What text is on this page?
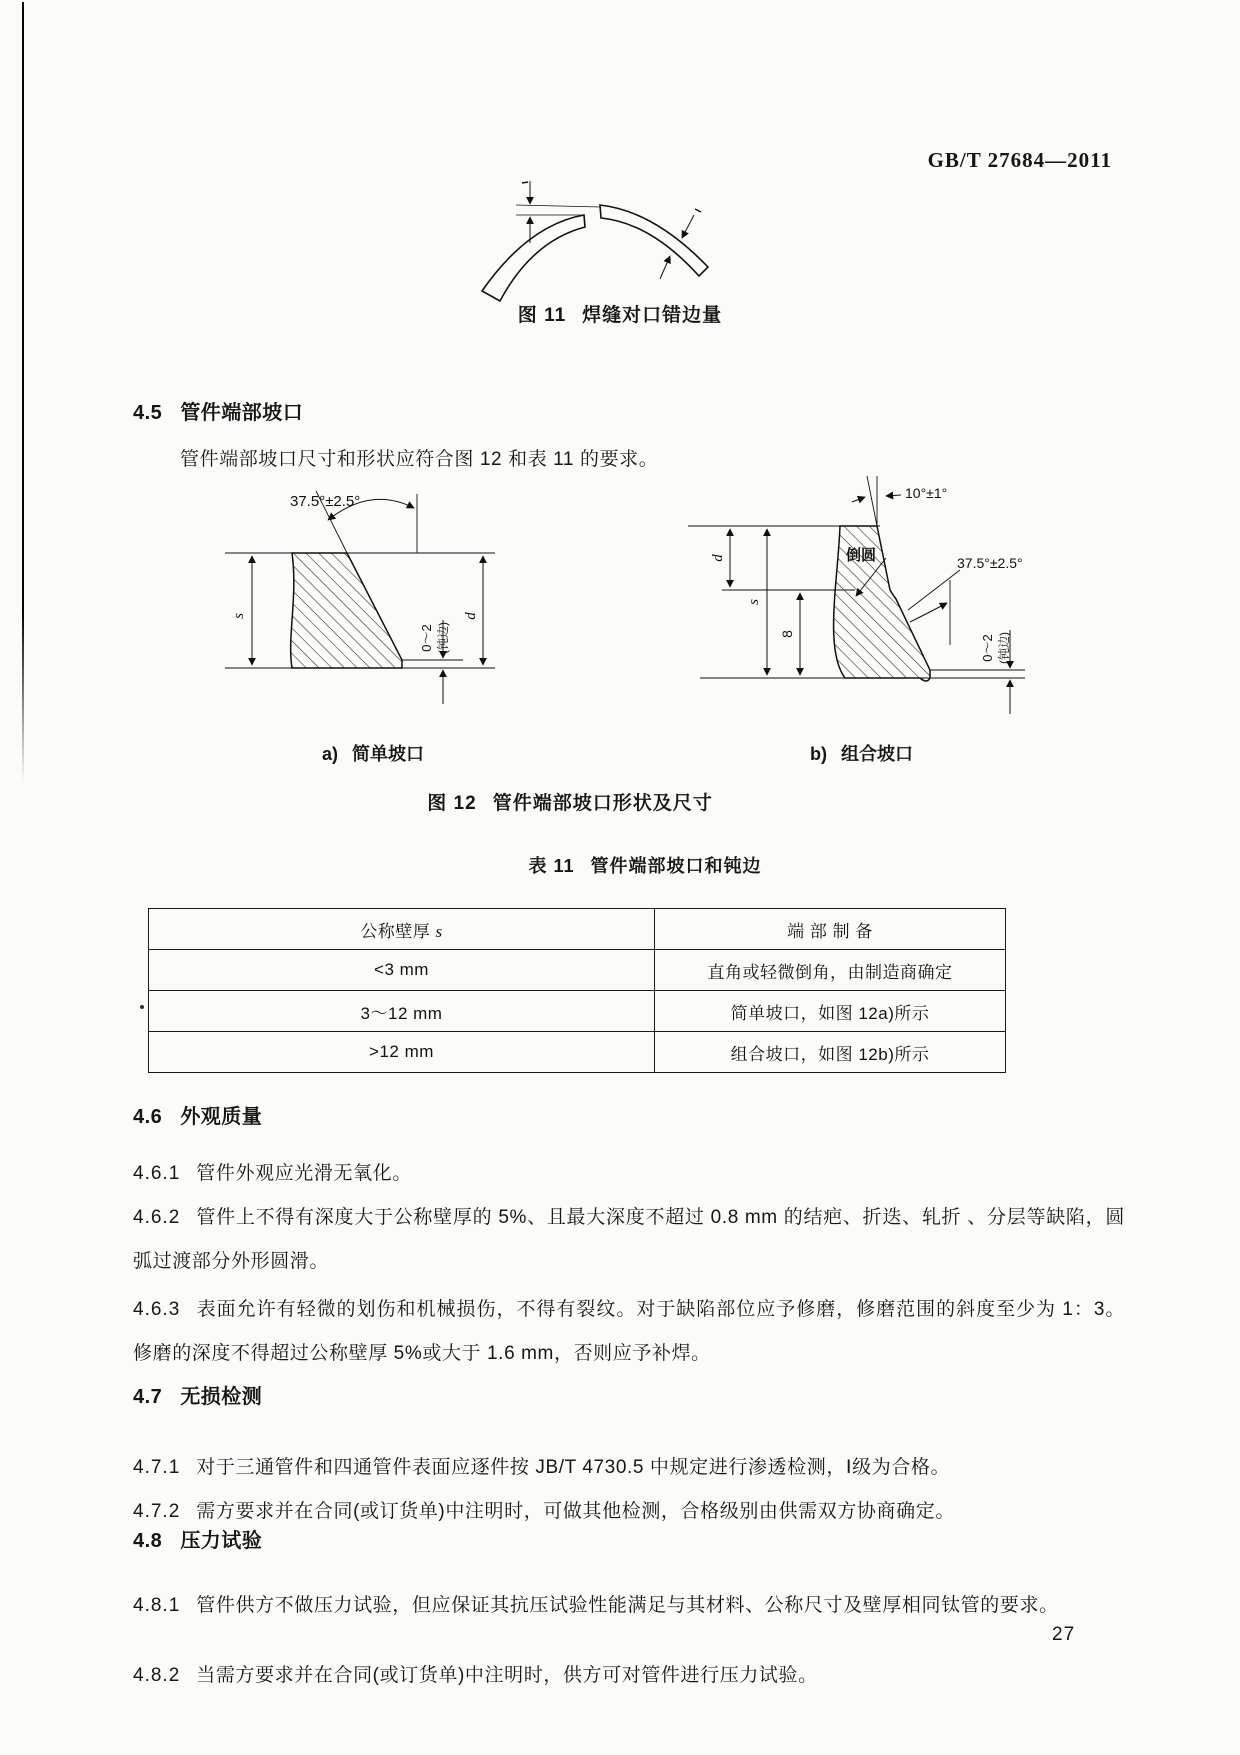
GB/T 27684—2011
图 11 焊缝对口错边量
4.5 管件端部坡口
管件端部坡口尺寸和形状应符合图 12 和表 11 的要求。
37.5°±2.5°
s
0～2 (钝边)
d
10°±1°
倒圆	37.5°±2.5°
d
s
8
0～2 (钝边)
a) 简单坡口	b) 组合坡口
图 12 管件端部坡口形状及尺寸
表 11 管件端部坡口和钝边
公称壁厚 s	端 部 制 备
<3 mm	直角或轻微倒角，由制造商确定
3～12 mm	简单坡口，如图 12a)所示
>12 mm	组合坡口，如图 12b)所示
4.6 外观质量
4.6.1 管件外观应光滑无氧化。
4.6.2 管件上不得有深度大于公称壁厚的 5%、且最大深度不超过 0.8 mm 的结疤、折迭、轧折 、分层等缺陷，圆弧过渡部分外形圆滑。
4.6.3 表面允许有轻微的划伤和机械损伤，不得有裂纹。对于缺陷部位应予修磨，修磨范围的斜度至少为 1：3。修磨的深度不得超过公称壁厚 5%或大于 1.6 mm，否则应予补焊。
4.7 无损检测
4.7.1 对于三通管件和四通管件表面应逐件按 JB/T 4730.5 中规定进行渗透检测，Ⅰ级为合格。
4.7.2 需方要求并在合同(或订货单)中注明时，可做其他检测，合格级别由供需双方协商确定。
4.8 压力试验
4.8.1 管件供方不做压力试验，但应保证其抗压试验性能满足与其材料、公称尺寸及壁厚相同钛管的要求。
4.8.2 当需方要求并在合同(或订货单)中注明时，供方可对管件进行压力试验。
27
